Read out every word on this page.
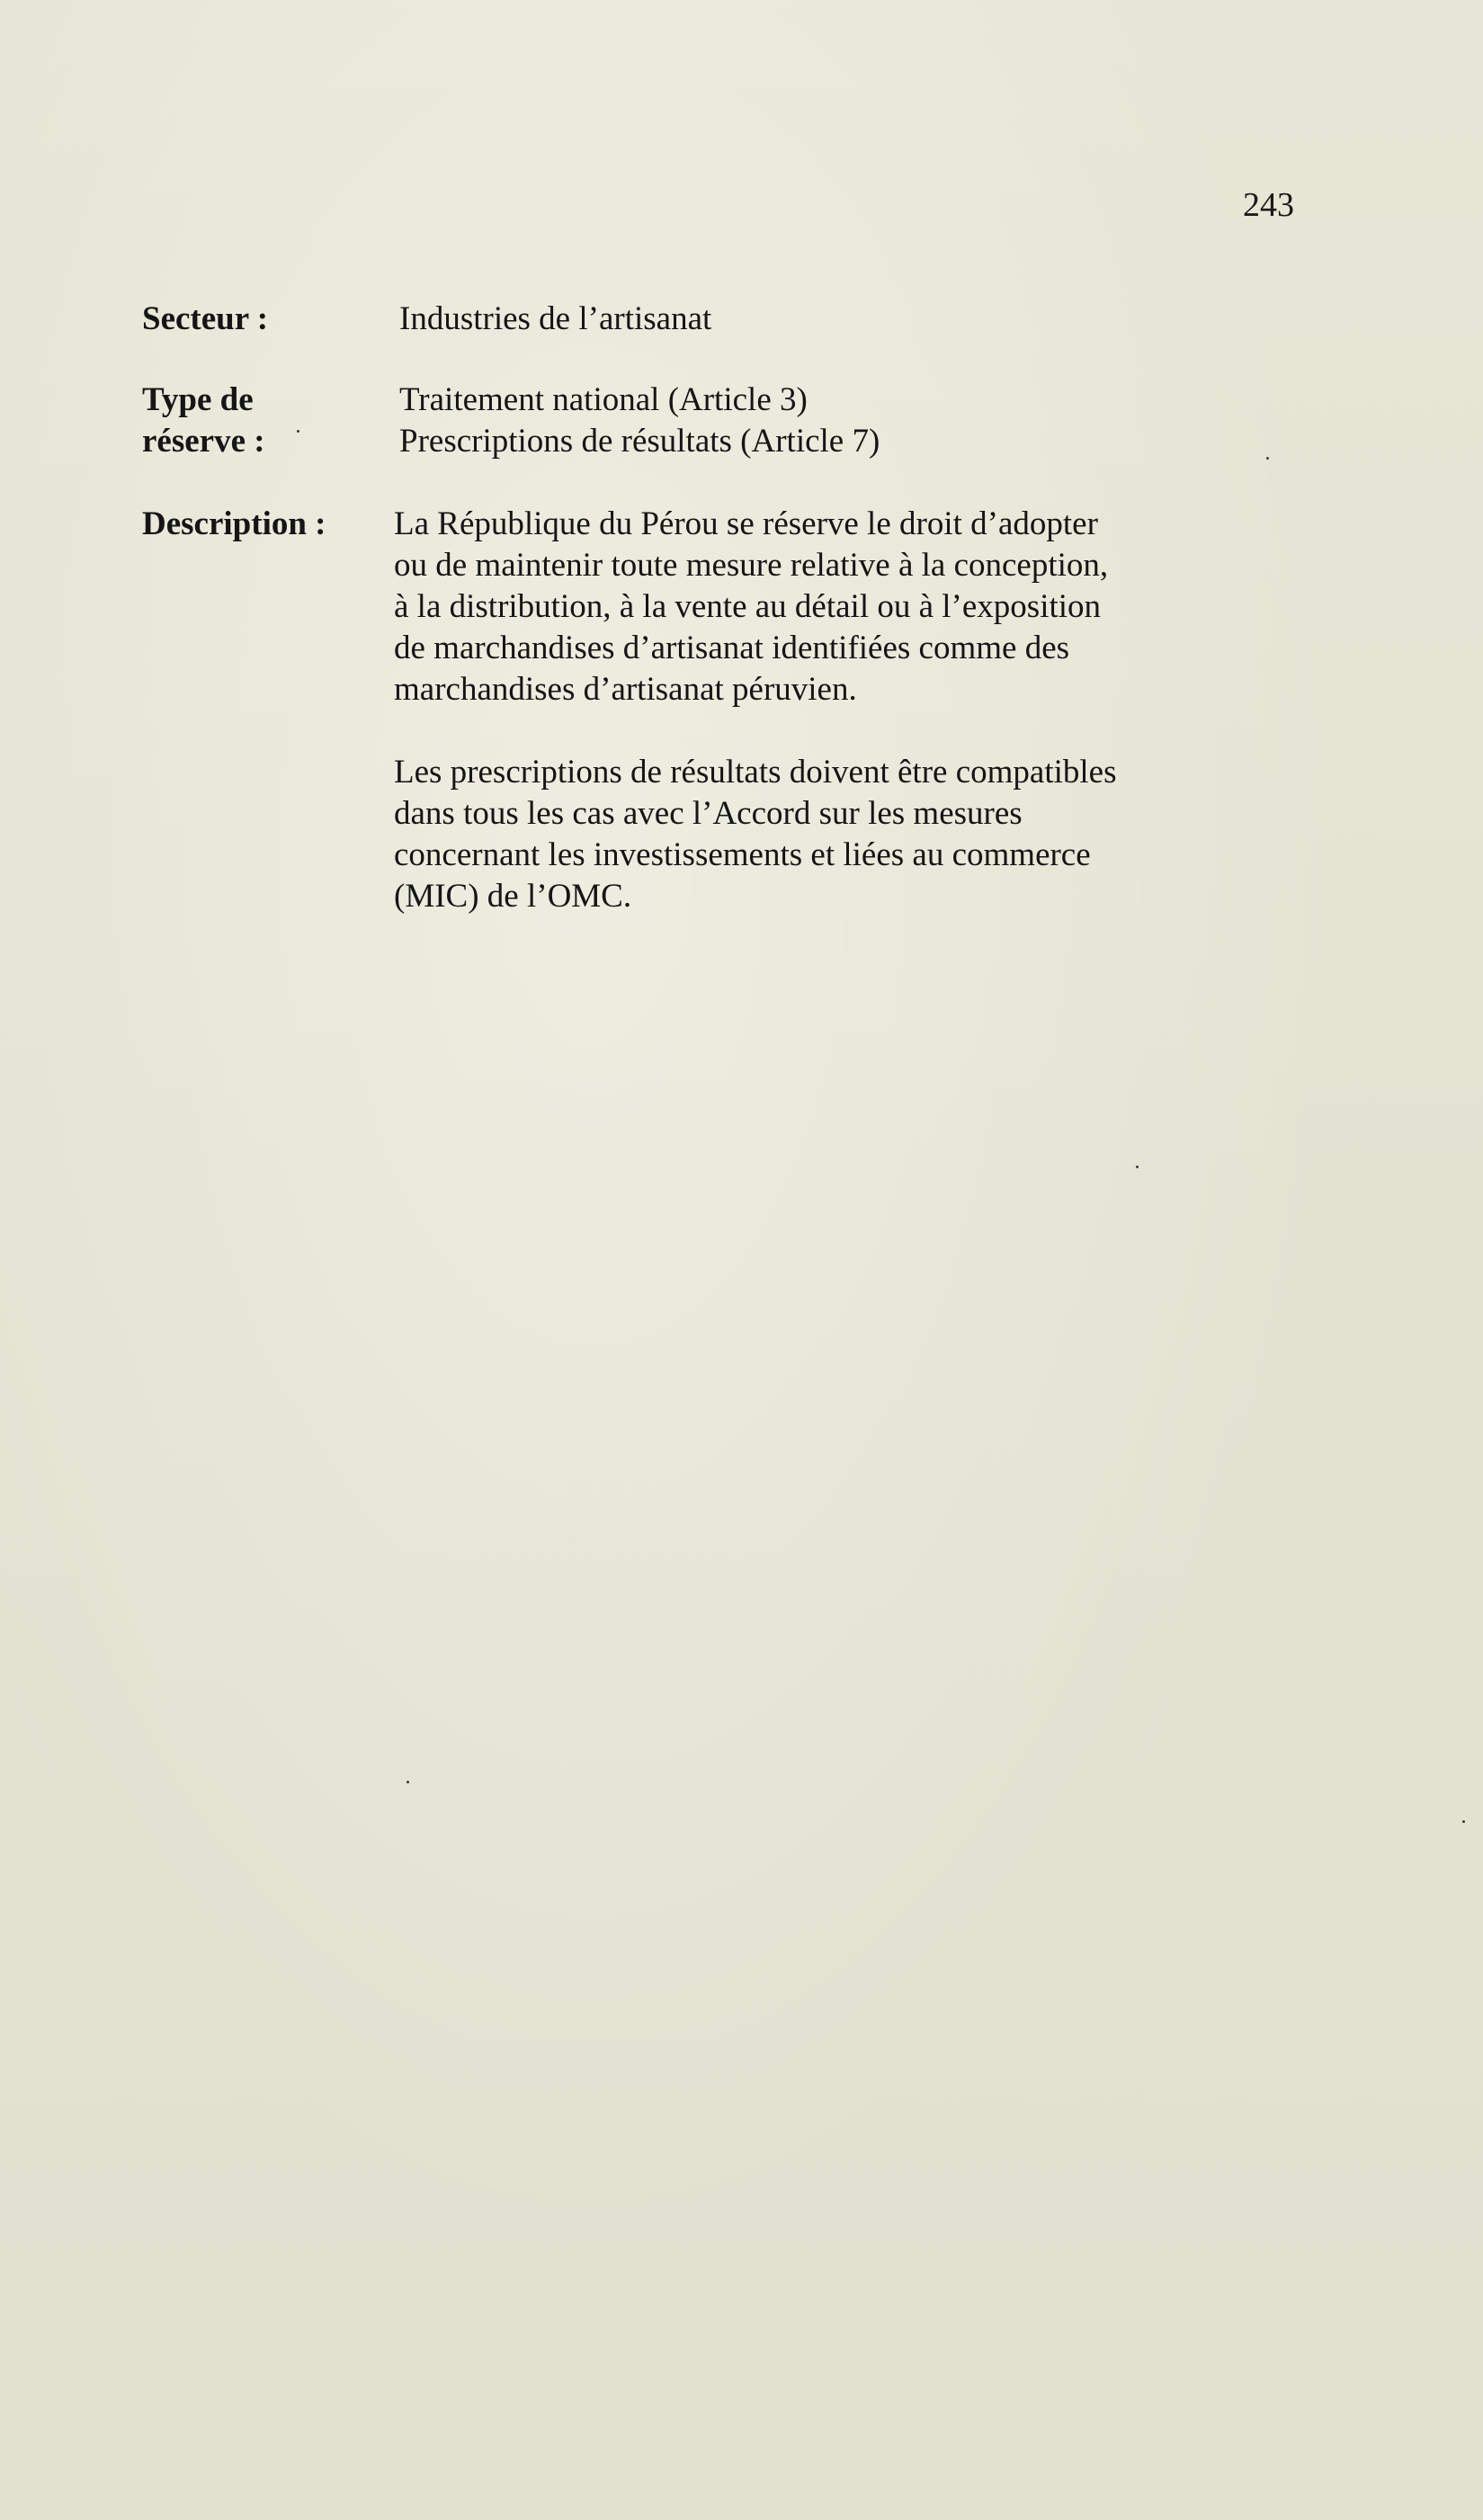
243
Secteur :	Industries de l’artisanat
Type de
réserve :
Traitement national (Article 3)
Prescriptions de résultats (Article 7)
Description : La République du Pérou se réserve le droit d’adopter
ou de maintenir toute mesure relative à la conception,
à la distribution, à la vente au détail ou à l’exposition
de marchandises d’artisanat identifiées comme des
marchandises d’artisanat péruvien.

Les prescriptions de résultats doivent être compatibles
dans tous les cas avec l’Accord sur les mesures
concernant les investissements et liées au commerce
(MIC) de l’OMC.
